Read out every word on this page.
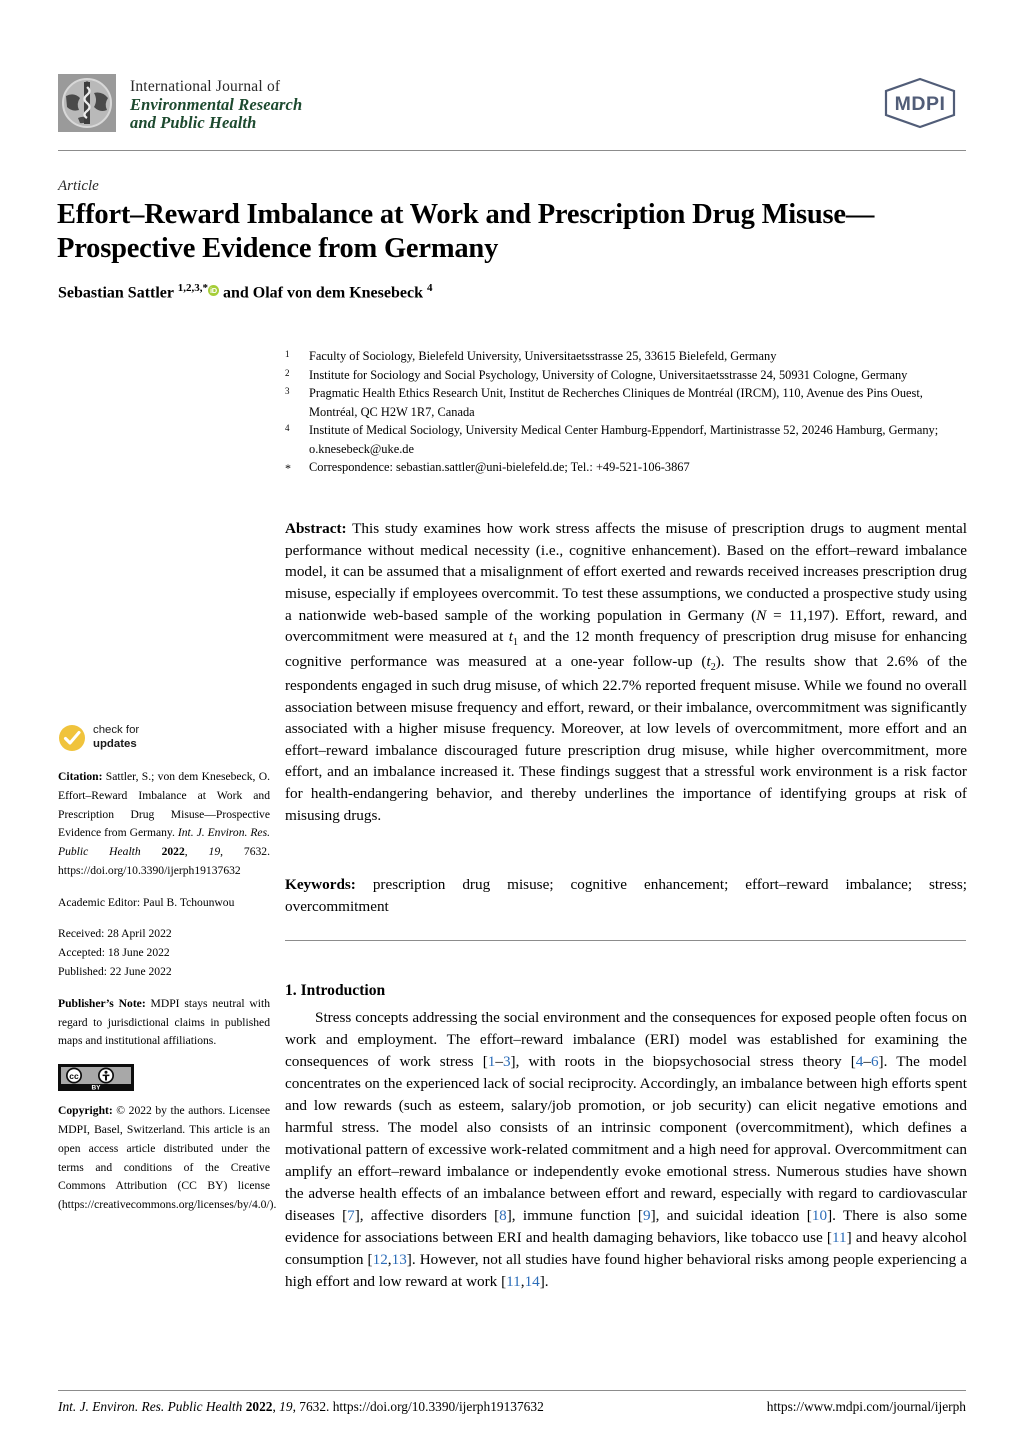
International Journal of
Environmental Research
and Public Health
MDPI
Article
Effort–Reward Imbalance at Work and Prescription Drug Misuse—Prospective Evidence from Germany
Sebastian Sattler $^{1,2,3,*}$ iD and Olaf von dem Knesebeck $^4$
1	Faculty of Sociology, Bielefeld University, Universitaetsstrasse 25, 33615 Bielefeld, Germany
2	Institute for Sociology and Social Psychology, University of Cologne, Universitaetsstrasse 24, 50931 Cologne, Germany
3	Pragmatic Health Ethics Research Unit, Institut de Recherches Cliniques de Montréal (IRCM), 110, Avenue des Pins Ouest, Montréal, QC H2W 1R7, Canada
4	Institute of Medical Sociology, University Medical Center Hamburg-Eppendorf, Martinistrasse 52, 20246 Hamburg, Germany; o.knesebeck@uke.de
*	Correspondence: sebastian.sattler@uni-bielefeld.de; Tel.: +49-521-106-3867
Abstract: This study examines how work stress affects the misuse of prescription drugs to augment mental performance without medical necessity (i.e., cognitive enhancement). Based on the effort–reward imbalance model, it can be assumed that a misalignment of effort exerted and rewards received increases prescription drug misuse, especially if employees overcommit. To test these assumptions, we conducted a prospective study using a nationwide web-based sample of the working population in Germany (N = 11,197). Effort, reward, and overcommitment were measured at $t_1$ and the 12 month frequency of prescription drug misuse for enhancing cognitive performance was measured at a one-year follow-up $(t_2)$. The results show that 2.6% of the respondents engaged in such drug misuse, of which 22.7% reported frequent misuse. While we found no overall association between misuse frequency and effort, reward, or their imbalance, overcommitment was significantly associated with a higher misuse frequency. Moreover, at low levels of overcommitment, more effort and an effort–reward imbalance discouraged future prescription drug misuse, while higher overcommitment, more effort, and an imbalance increased it. These findings suggest that a stressful work environment is a risk factor for health-endangering behavior, and thereby underlines the importance of identifying groups at risk of misusing drugs.
Keywords: prescription drug misuse; cognitive enhancement; effort–reward imbalance; stress; overcommitment
check for
updates

Citation: Sattler, S.; von dem Knesebeck, O. Effort–Reward Imbalance at Work and Prescription Drug Misuse—Prospective Evidence from Germany. Int. J. Environ. Res. Public Health 2022, 19, 7632. https://doi.org/10.3390/ijerph19137632

Academic Editor: Paul B. Tchounwou

Received: 28 April 2022
Accepted: 18 June 2022
Published: 22 June 2022

Publisher’s Note: MDPI stays neutral with regard to jurisdictional claims in published maps and institutional affiliations.

cc
BY

Copyright: © 2022 by the authors. Licensee MDPI, Basel, Switzerland. This article is an open access article distributed under the terms and conditions of the Creative Commons Attribution (CC BY) license (https://creativecommons.org/licenses/by/4.0/).

1. Introduction

Stress concepts addressing the social environment and the consequences for exposed people often focus on work and employment. The effort–reward imbalance (ERI) model was established for examining the consequences of work stress [1–3], with roots in the biopsychosocial stress theory [4–6]. The model concentrates on the experienced lack of social reciprocity. Accordingly, an imbalance between high efforts spent and low rewards (such as esteem, salary/job promotion, or job security) can elicit negative emotions and harmful stress. The model also consists of an intrinsic component (overcommitment), which defines a motivational pattern of excessive work-related commitment and a high need for approval. Overcommitment can amplify an effort–reward imbalance or independently evoke emotional stress. Numerous studies have shown the adverse health effects of an imbalance between effort and reward, especially with regard to cardiovascular diseases [7], affective disorders [8], immune function [9], and suicidal ideation [10]. There is also some evidence for associations between ERI and health damaging behaviors, like tobacco use [11] and heavy alcohol consumption [12,13]. However, not all studies have found higher behavioral risks among people experiencing a high effort and low reward at work [11,14].

Int. J. Environ. Res. Public Health 2022, 19, 7632. https://doi.org/10.3390/ijerph19137632	https://www.mdpi.com/journal/ijerph
